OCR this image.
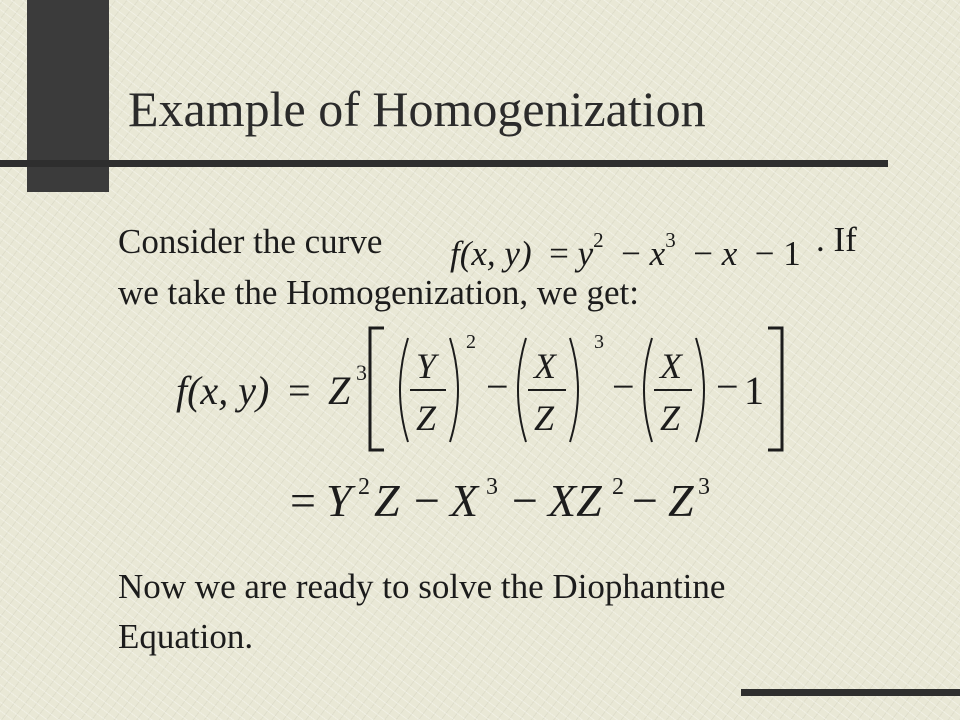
Example of Homogenization
Consider the curve f(x, $y) = y^2 - x^3 - x - 1$ . If
we take the Homogenization, we get:
f(x, y) = Z 3 Y
Z
2
− X
Z
3
− X
Z
− 1
= Y 2 Z − X 3 − XZ 2 − Z 3
Now we are ready to solve the Diophantine
Equation.
